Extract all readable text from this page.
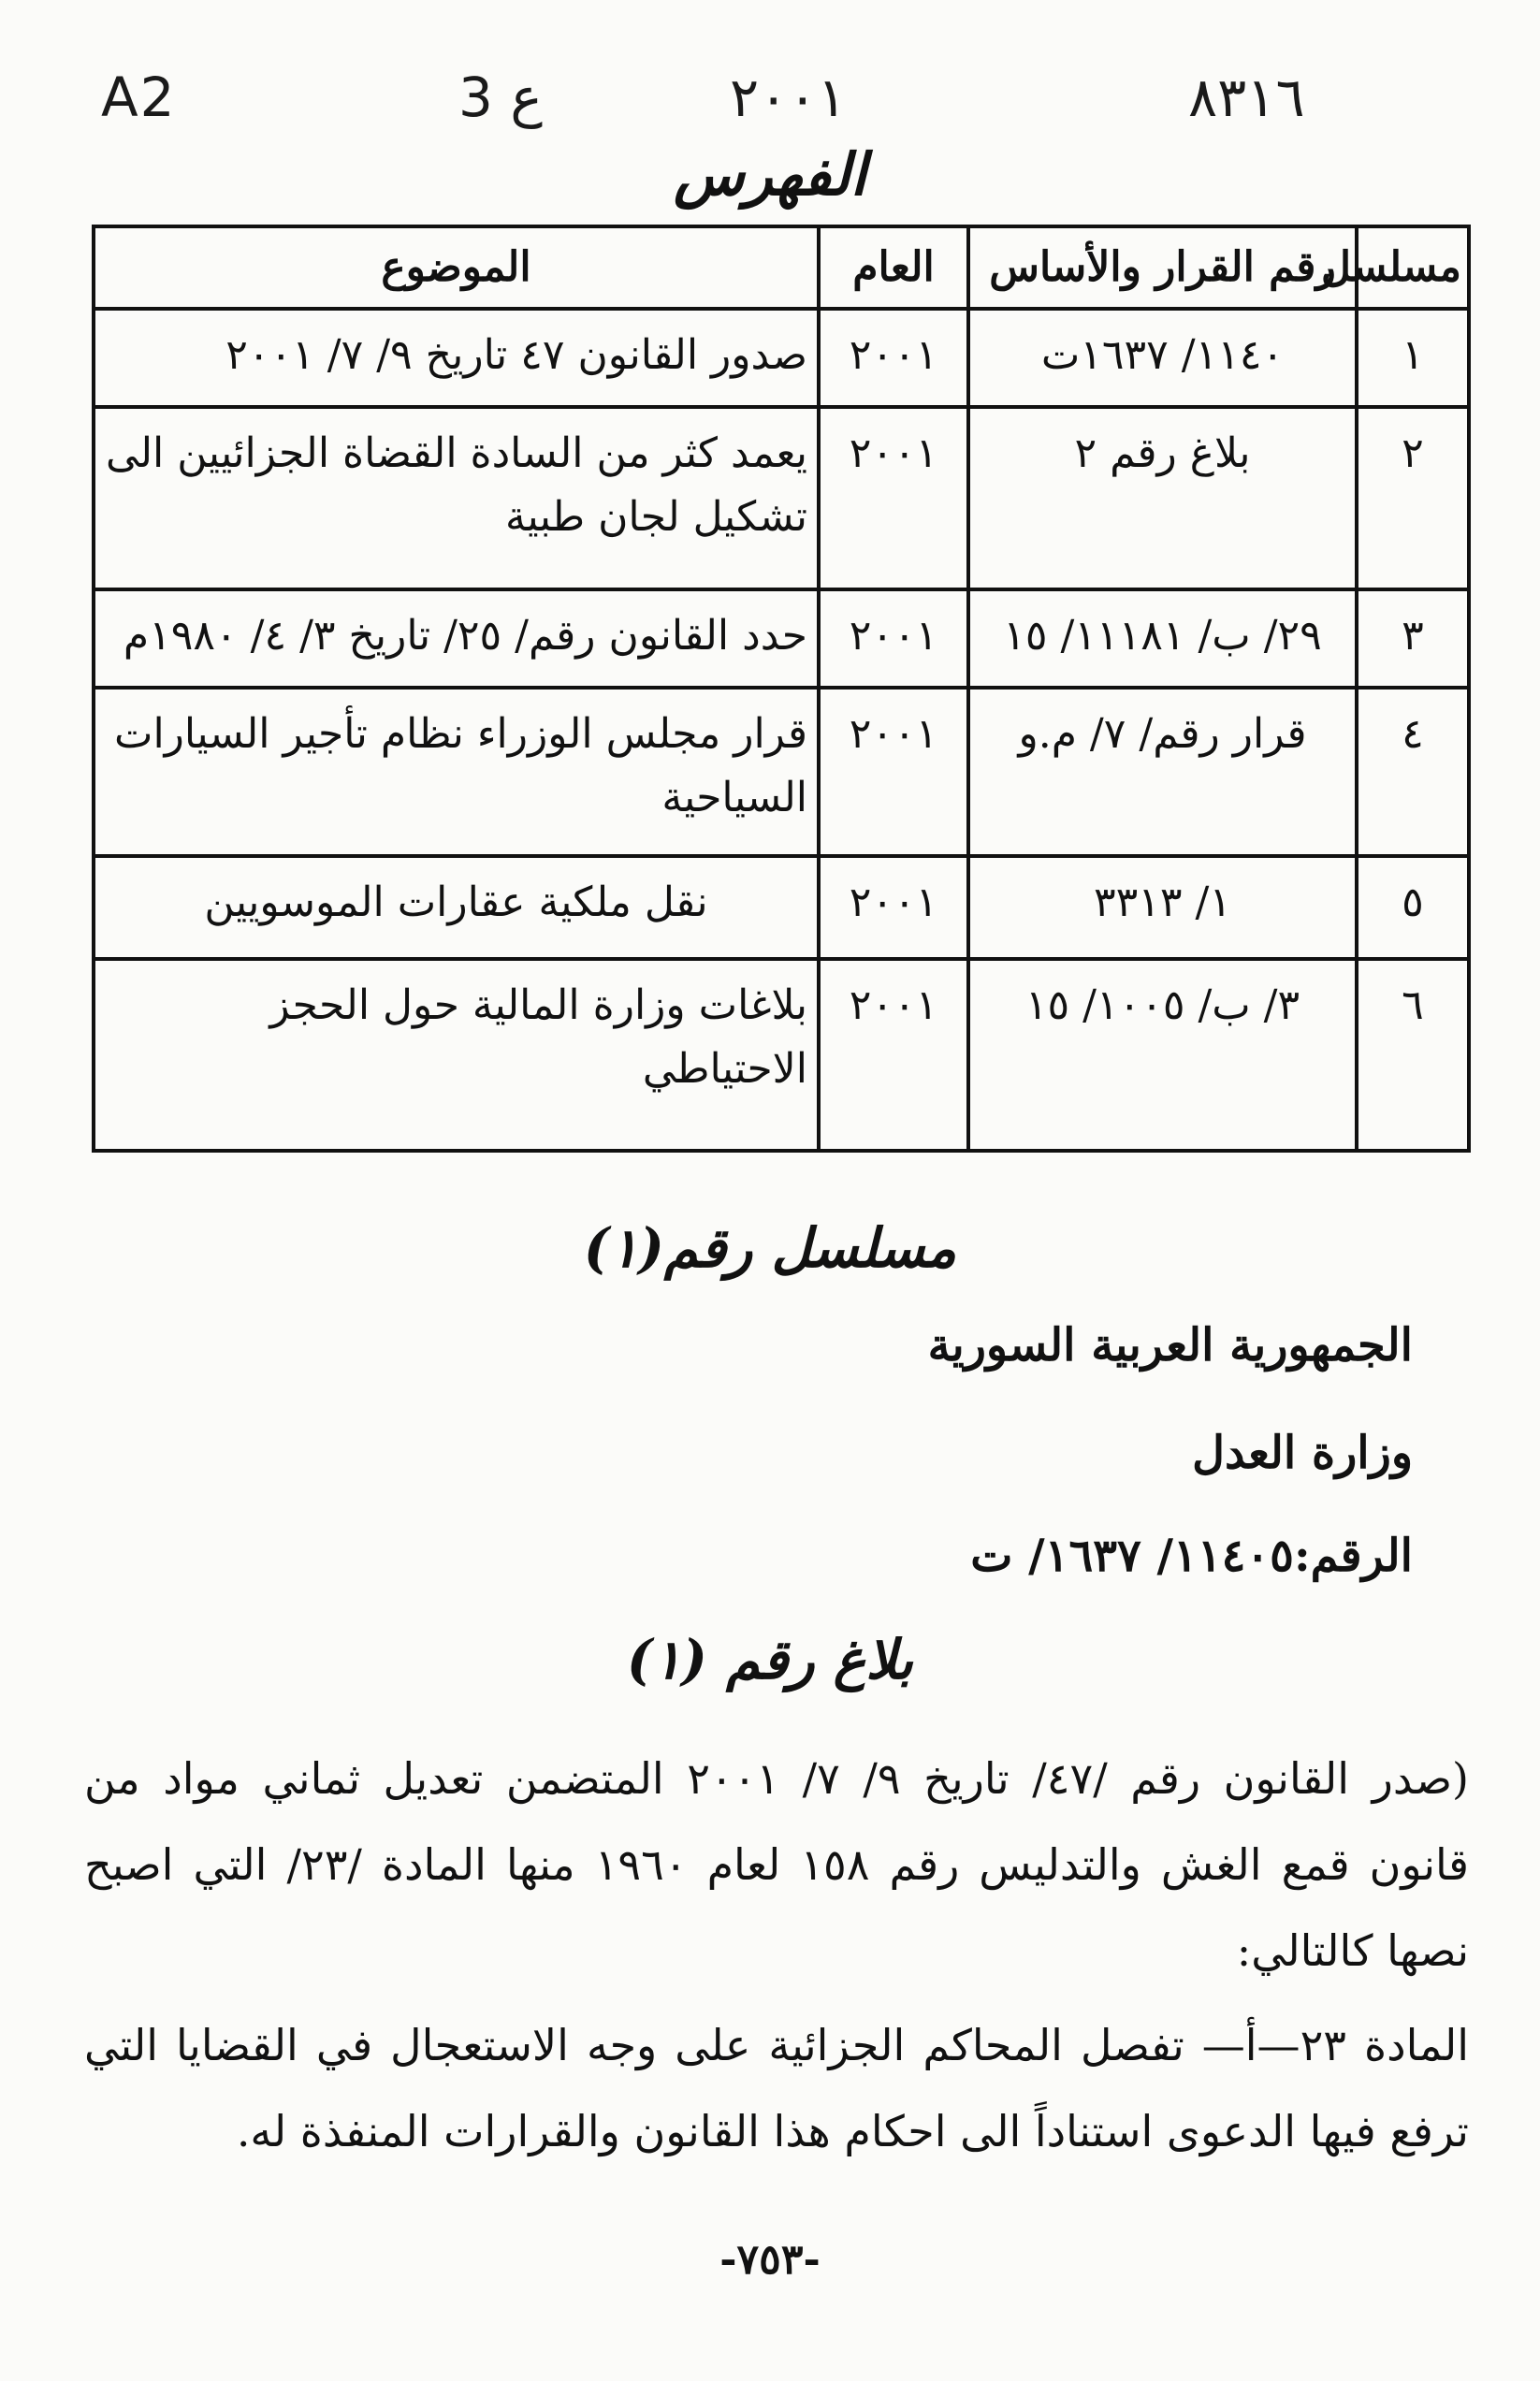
A2	3 ع	٢٠٠١	٨٣١٦
الفهرس
مسلسل	رقم القرار والأساس	العام	الموضوع
١	١١٤٠/ ١٦٣٧ت	٢٠٠١	صدور القانون ٤٧ تاريخ ٩/ ٧/ ٢٠٠١
٢	بلاغ رقم ٢	٢٠٠١	يعمد كثر من السادة القضاة الجزائيين الى تشكيل لجان طبية
٣	٢٩/ ب/ ١١١٨١/ ١٥	٢٠٠١	حدد القانون رقم/ ٢٥/ تاريخ ٣/ ٤/ ١٩٨٠م
٤	قرار رقم/ ٧/ م.و	٢٠٠١	قرار مجلس الوزراء نظام تأجير السيارات السياحية
٥	١/ ٣٣١٣	٢٠٠١	نقل ملكية عقارات الموسويين
٦	٣/ ب/ ١٠٠٥/ ١٥	٢٠٠١	بلاغات وزارة المالية حول الحجز الاحتياطي
مسلسل رقم(١)
الجمهورية العربية السورية
وزارة العدل
الرقم:١١٤٠٥/ ١٦٣٧/ ت
بلاغ رقم (١)
(صدر القانون رقم /٤٧/ تاريخ ٩/ ٧/ ٢٠٠١ المتضمن تعديل ثماني مواد من قانون قمع الغش والتدليس رقم ١٥٨ لعام ١٩٦٠ منها المادة /٢٣/ التي اصبح نصها كالتالي:
المادة ٢٣—أ— تفصل المحاكم الجزائية على وجه الاستعجال في القضايا التي ترفع فيها الدعوى استناداً الى احكام هذا القانون والقرارات المنفذة له.
-٧٥٣-
